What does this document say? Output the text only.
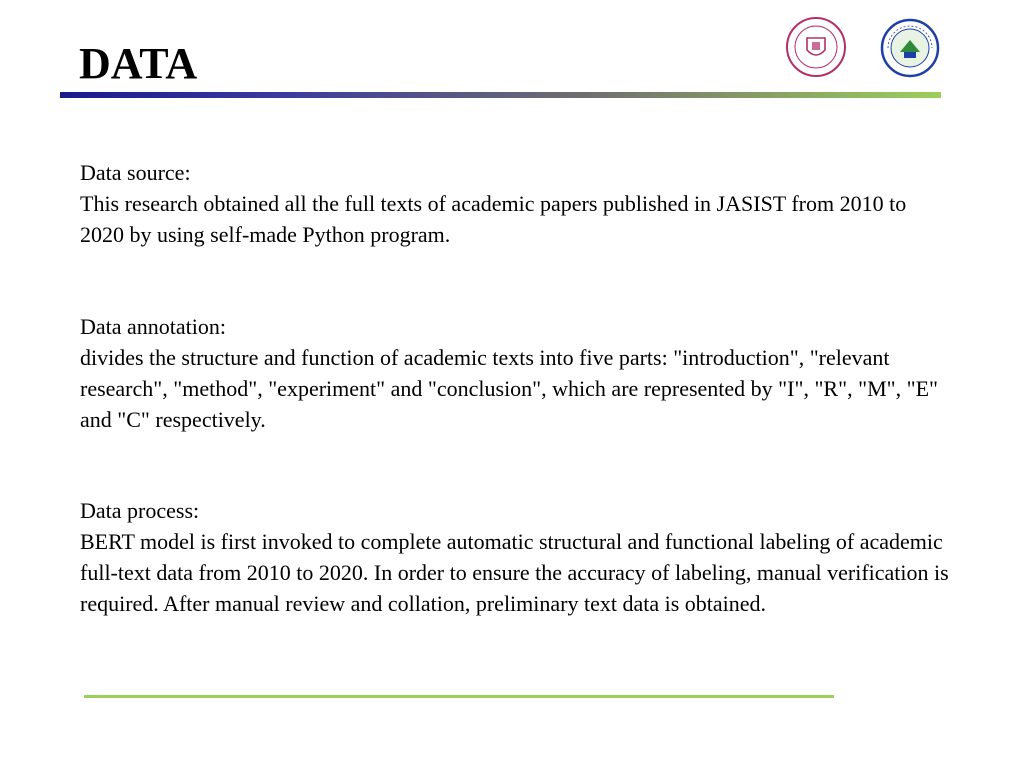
DATA

Data source:

This research obtained all the full texts of academic papers published in JASIST from 2010 to 2020 by using self-made Python program.

Data annotation:

divides the structure and function of academic texts into five parts: "introduction", "relevant research", "method", "experiment" and "conclusion", which are represented by "I", "R", "M", "E" and "C" respectively.

Data process:

BERT model is first invoked to complete automatic structural and functional labeling of academic full-text data from 2010 to 2020. In order to ensure the accuracy of labeling, manual verification is required. After manual review and collation, preliminary text data is obtained.
